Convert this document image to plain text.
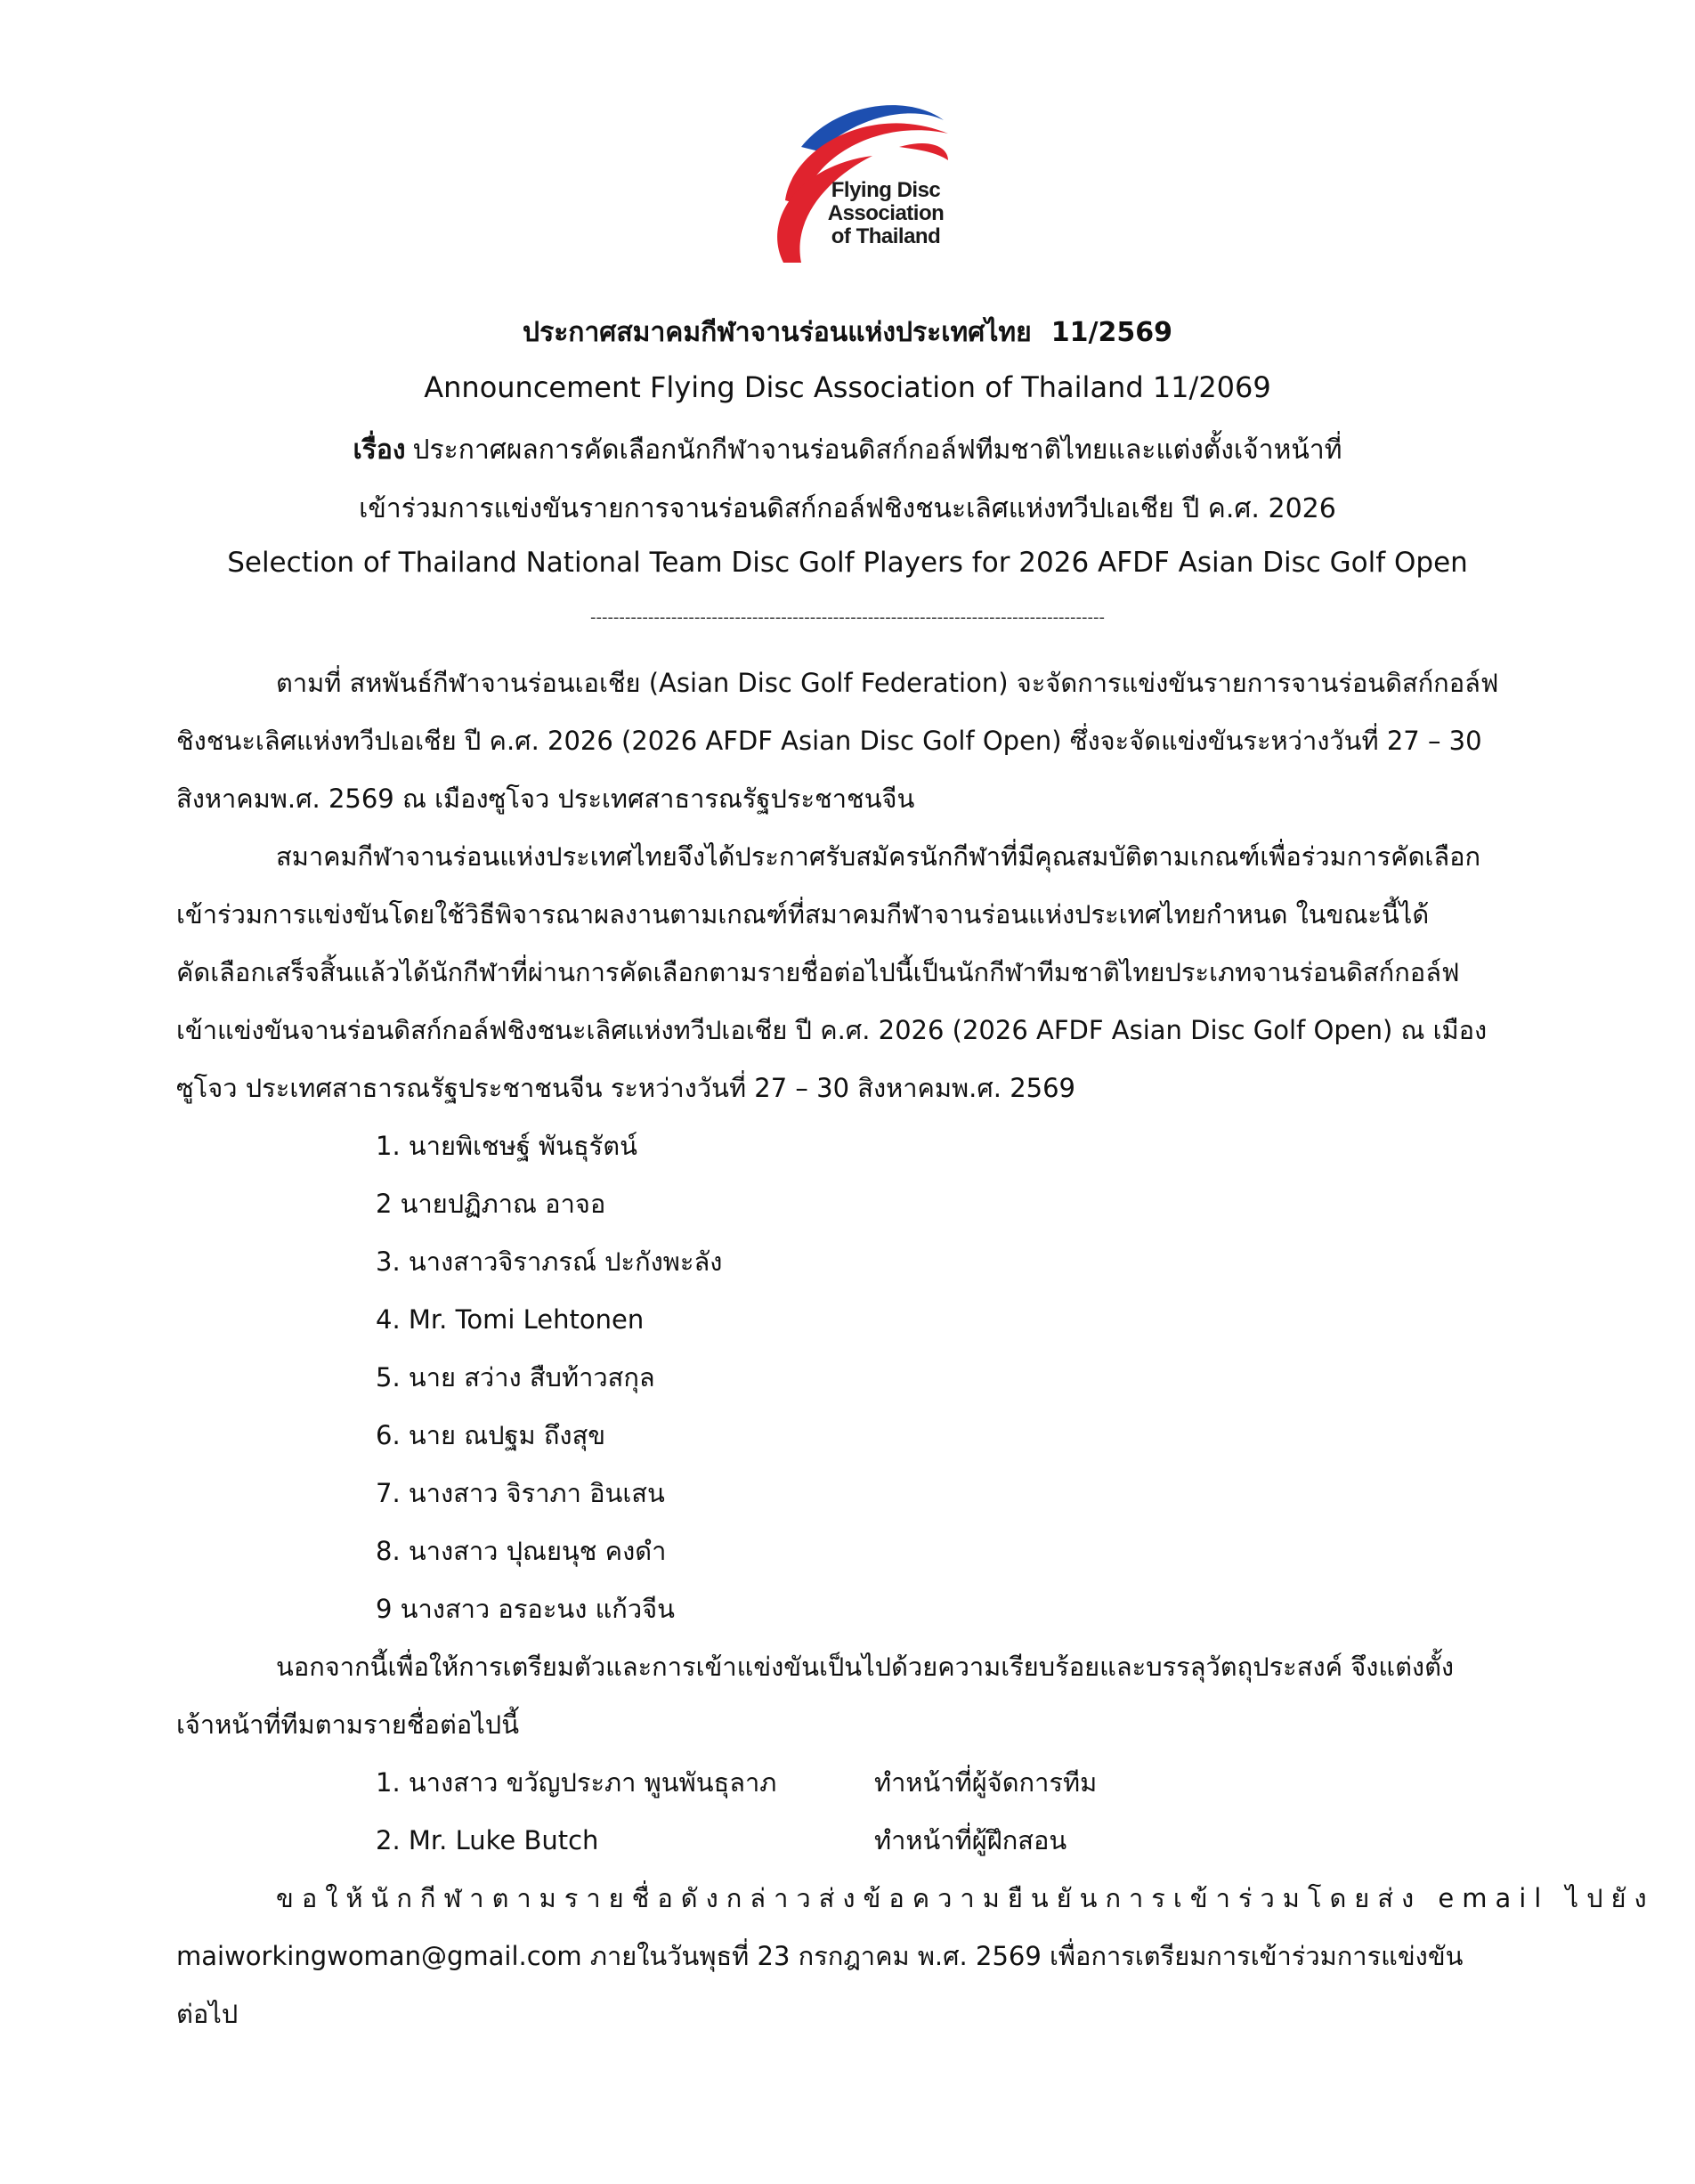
Flying Disc
Association
of Thailand
ประกาศสมาคมกีฬาจานร่อนแห่งประเทศไทย 11/2569
Announcement Flying Disc Association of Thailand 11/2069
เรื่อง ประกาศผลการคัดเลือกนักกีฬาจานร่อนดิสก์กอล์ฟทีมชาติไทยและแต่งตั้งเจ้าหน้าที่
เข้าร่วมการแข่งขันรายการจานร่อนดิสก์กอล์ฟชิงชนะเลิศแห่งทวีปเอเชีย ปี ค.ศ. 2026
Selection of Thailand National Team Disc Golf Players for 2026 AFDF Asian Disc Golf Open
-----------------------------------------------------------------------------------------
ตามที่ สหพันธ์กีฬาจานร่อนเอเชีย (Asian Disc Golf Federation) จะจัดการแข่งขันรายการจานร่อนดิสก์กอล์ฟ
ชิงชนะเลิศแห่งทวีปเอเชีย ปี ค.ศ. 2026 (2026 AFDF Asian Disc Golf Open) ซึ่งจะจัดแข่งขันระหว่างวันที่ 27 – 30
สิงหาคมพ.ศ. 2569 ณ เมืองซูโจว ประเทศสาธารณรัฐประชาชนจีน
สมาคมกีฬาจานร่อนแห่งประเทศไทยจึงได้ประกาศรับสมัครนักกีฬาที่มีคุณสมบัติตามเกณฑ์เพื่อร่วมการคัดเลือก
เข้าร่วมการแข่งขันโดยใช้วิธีพิจารณาผลงานตามเกณฑ์ที่สมาคมกีฬาจานร่อนแห่งประเทศไทยกำหนด ในขณะนี้ได้
คัดเลือกเสร็จสิ้นแล้วได้นักกีฬาที่ผ่านการคัดเลือกตามรายชื่อต่อไปนี้เป็นนักกีฬาทีมชาติไทยประเภทจานร่อนดิสก์กอล์ฟ
เข้าแข่งขันจานร่อนดิสก์กอล์ฟชิงชนะเลิศแห่งทวีปเอเชีย ปี ค.ศ. 2026 (2026 AFDF Asian Disc Golf Open) ณ เมือง
ซูโจว ประเทศสาธารณรัฐประชาชนจีน ระหว่างวันที่ 27 – 30 สิงหาคมพ.ศ. 2569
1. นายพิเชษฐ์ พันธุรัตน์
2 นายปฏิภาณ อาจอ
3. นางสาวจิราภรณ์ ปะกังพะลัง
4. Mr. Tomi Lehtonen
5. นาย สว่าง สืบท้าวสกุล
6. นาย ณปฐม ถึงสุข
7. นางสาว จิราภา อินเสน
8. นางสาว ปุณยนุช คงดำ
9 นางสาว อรอะนง แก้วจีน
นอกจากนี้เพื่อให้การเตรียมตัวและการเข้าแข่งขันเป็นไปด้วยความเรียบร้อยและบรรลุวัตถุประสงค์ จึงแต่งตั้ง
เจ้าหน้าที่ทีมตามรายชื่อต่อไปนี้
1. นางสาว ขวัญประภา พูนพันธุลาภ	ทำหน้าที่ผู้จัดการทีม
2. Mr. Luke Butch	ทำหน้าที่ผู้ฝึกสอน
ขอให้นักกีฬาตามรายชื่อดังกล่าวส่งข้อความยืนยันการเข้าร่วมโดยส่ง email ไปยัง
maiworkingwoman@gmail.com ภายในวันพุธที่ 23 กรกฎาคม พ.ศ. 2569 เพื่อการเตรียมการเข้าร่วมการแข่งขัน
ต่อไป
